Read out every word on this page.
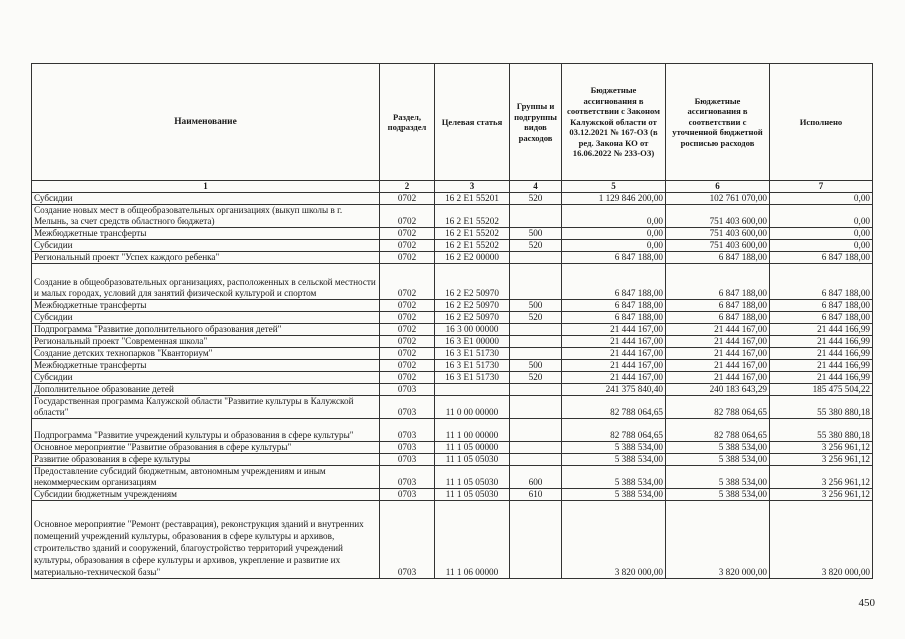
Наименование	Раздел, подраздел	Целевая статья	Группы и подгруппы видов расходов	Бюджетные ассигнования в соответствии с Законом Калужской области от 03.12.2021 № 167-ОЗ (в ред. Закона КО от 16.06.2022 № 233-ОЗ)	Бюджетные ассигнования в соответствии с уточненной бюджетной росписью расходов	Исполнено
1	2	3	4	5	6	7
Субсидии	0702	16 2 E1 55201	520	1 129 846 200,00	102 761 070,00	0,00
Создание новых мест в общеобразовательных организациях (выкуп школы в г. Мелынь, за счет средств областного бюджета)	0702	16 2 E1 55202		0,00	751 403 600,00	0,00
Межбюджетные трансферты	0702	16 2 E1 55202	500	0,00	751 403 600,00	0,00
Субсидии	0702	16 2 E1 55202	520	0,00	751 403 600,00	0,00
Региональный проект "Успех каждого ребенка"	0702	16 2 E2 00000		6 847 188,00	6 847 188,00	6 847 188,00
Создание в общеобразовательных организациях, расположенных в сельской местности и малых городах, условий для занятий физической культурой и спортом	0702	16 2 E2 50970		6 847 188,00	6 847 188,00	6 847 188,00
Межбюджетные трансферты	0702	16 2 E2 50970	500	6 847 188,00	6 847 188,00	6 847 188,00
Субсидии	0702	16 2 E2 50970	520	6 847 188,00	6 847 188,00	6 847 188,00
Подпрограмма "Развитие дополнительного образования детей"	0702	16 3 00 00000		21 444 167,00	21 444 167,00	21 444 166,99
Региональный проект "Современная школа"	0702	16 3 E1 00000		21 444 167,00	21 444 167,00	21 444 166,99
Создание детских технопарков "Кванториум"	0702	16 3 E1 51730		21 444 167,00	21 444 167,00	21 444 166,99
Межбюджетные трансферты	0702	16 3 E1 51730	500	21 444 167,00	21 444 167,00	21 444 166,99
Субсидии	0702	16 3 E1 51730	520	21 444 167,00	21 444 167,00	21 444 166,99
Дополнительное образование детей	0703			241 375 840,40	240 183 643,29	185 475 504,22
Государственная программа Калужской области "Развитие культуры в Калужской области"	0703	11 0 00 00000		82 788 064,65	82 788 064,65	55 380 880,18
Подпрограмма "Развитие учреждений культуры и образования в сфере культуры"	0703	11 1 00 00000		82 788 064,65	82 788 064,65	55 380 880,18
Основное мероприятие "Развитие образования в сфере культуры"	0703	11 1 05 00000		5 388 534,00	5 388 534,00	3 256 961,12
Развитие образования в сфере культуры	0703	11 1 05 05030		5 388 534,00	5 388 534,00	3 256 961,12
Предоставление субсидий бюджетным, автономным учреждениям и иным некоммерческим организациям	0703	11 1 05 05030	600	5 388 534,00	5 388 534,00	3 256 961,12
Субсидии бюджетным учреждениям	0703	11 1 05 05030	610	5 388 534,00	5 388 534,00	3 256 961,12
Основное мероприятие "Ремонт (реставрация), реконструкция зданий и внутренних помещений учреждений культуры, образования в сфере культуры и архивов, строительство зданий и сооружений, благоустройство территорий учреждений культуры, образования в сфере культуры и архивов, укрепление и развитие их материально-технической базы"	0703	11 1 06 00000		3 820 000,00	3 820 000,00	3 820 000,00
450
